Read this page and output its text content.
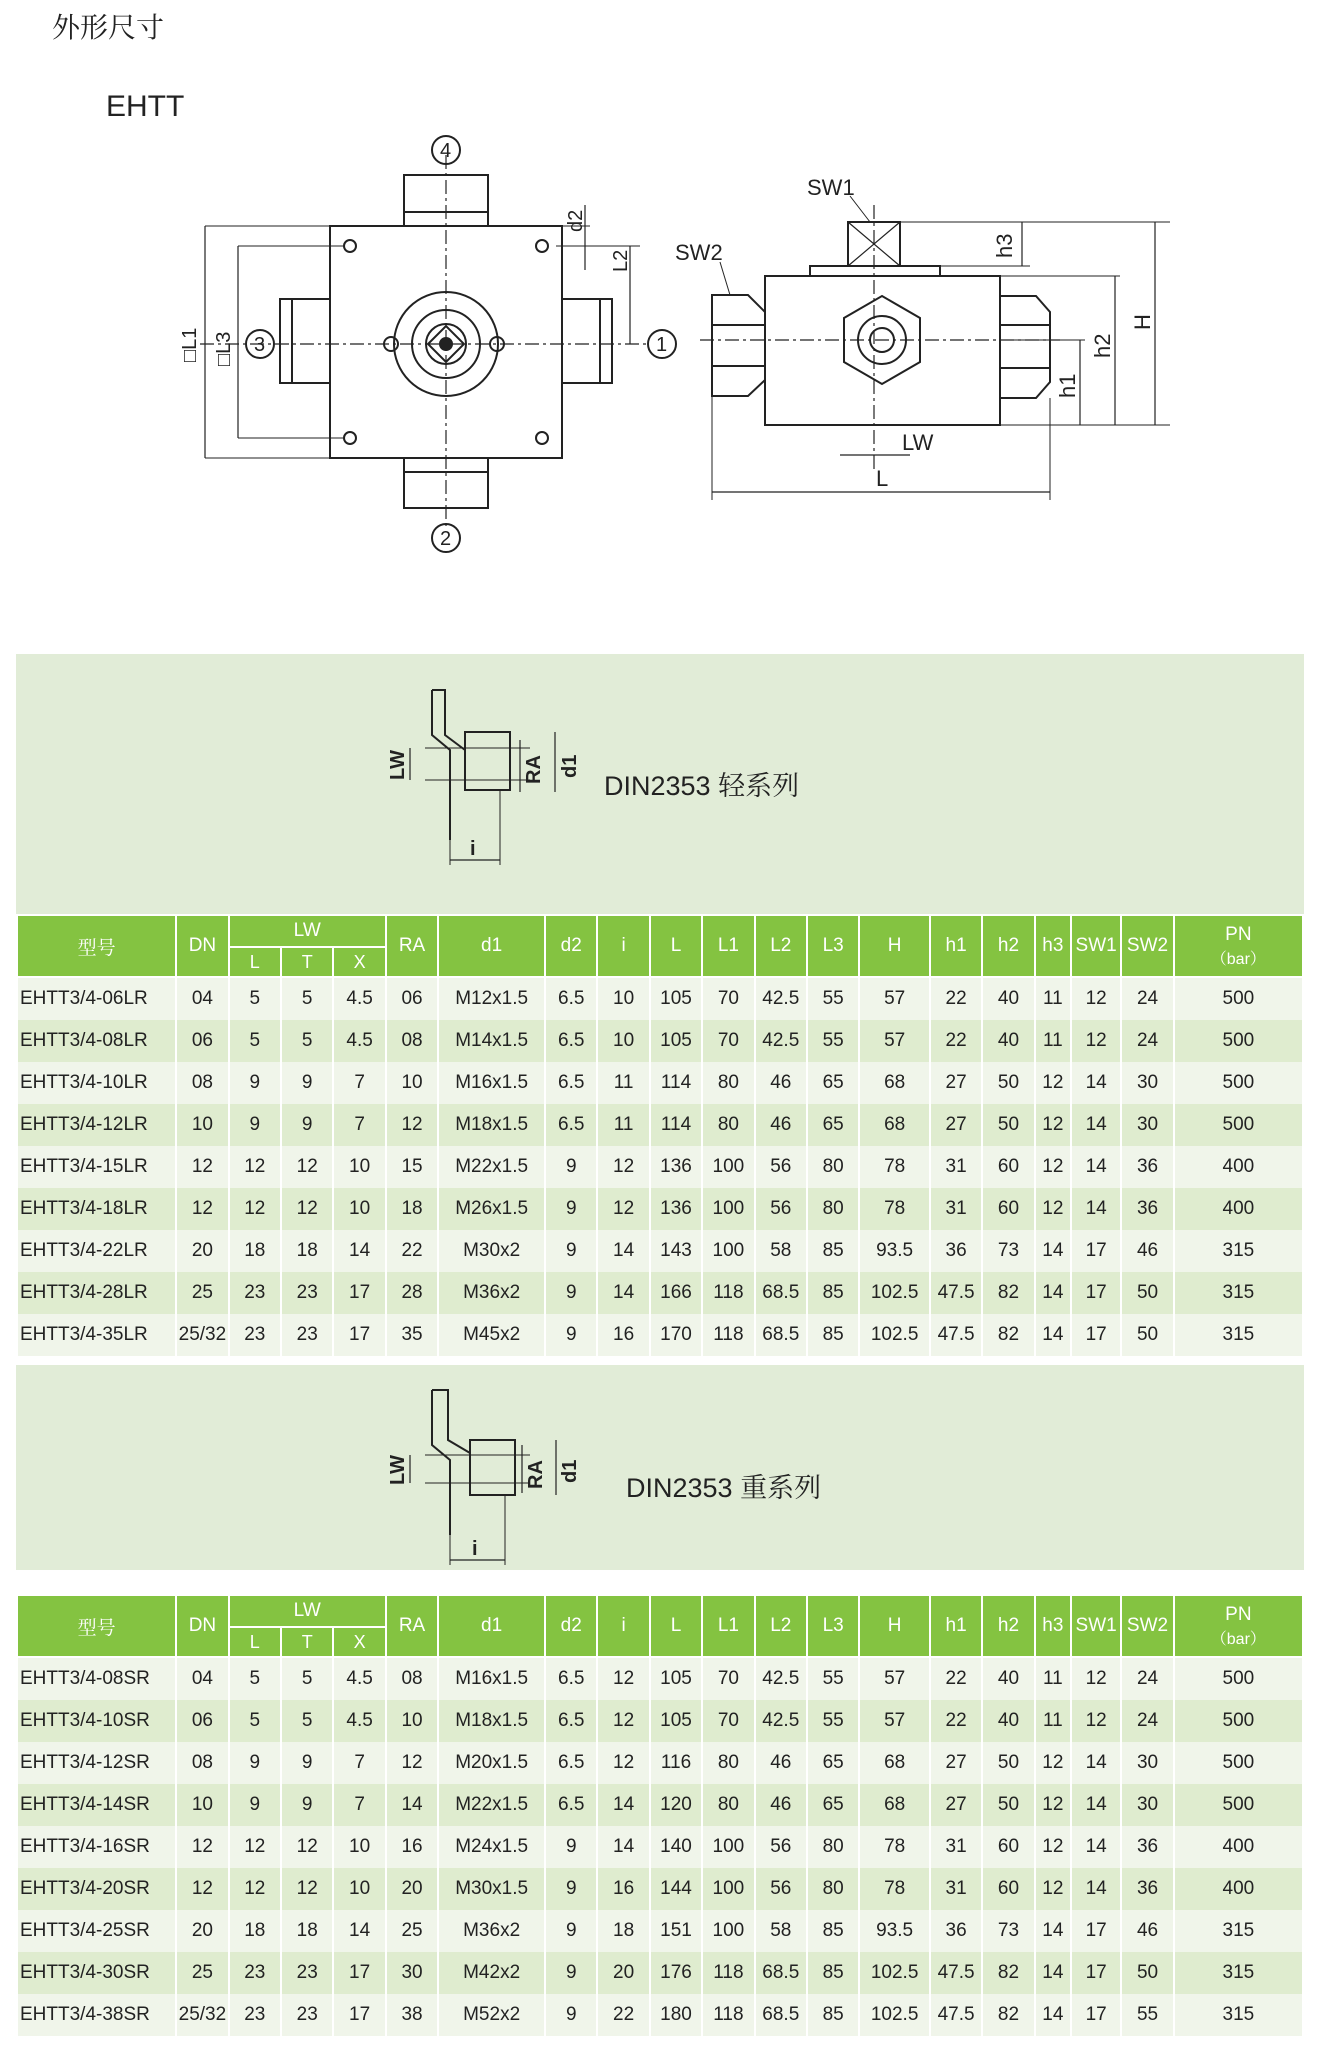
外形尺寸
EHTT
4
2
3	1
□L1 □L3
d2
L2
SW1
SW2	h3
H
h2
h1
LW
L
LW	RA d1
i
DIN2353 轻系列
型号	DN	LW			RA	d1	d2	i	L	L1	L2	L3	H	h1	h2	h3	SW1	SW2	PN
（bar）

		L	T	X															
EHTT3/4-06LR	04	5	5	4.5	06	M12x1.5	6.5	10	105	70	42.5	55	57	22	40	11	12	24	500
EHTT3/4-08LR	06	5	5	4.5	08	M14x1.5	6.5	10	105	70	42.5	55	57	22	40	11	12	24	500
EHTT3/4-10LR	08	9	9	7	10	M16x1.5	6.5	11	114	80	46	65	68	27	50	12	14	30	500
EHTT3/4-12LR	10	9	9	7	12	M18x1.5	6.5	11	114	80	46	65	68	27	50	12	14	30	500
EHTT3/4-15LR	12	12	12	10	15	M22x1.5	9	12	136	100	56	80	78	31	60	12	14	36	400
EHTT3/4-18LR	12	12	12	10	18	M26x1.5	9	12	136	100	56	80	78	31	60	12	14	36	400
EHTT3/4-22LR	20	18	18	14	22	M30x2	9	14	143	100	58	85	93.5	36	73	14	17	46	315
EHTT3/4-28LR	25	23	23	17	28	M36x2	9	14	166	118	68.5	85	102.5	47.5	82	14	17	50	315
EHTT3/4-35LR	25/32	23	23	17	35	M45x2	9	16	170	118	68.5	85	102.5	47.5	82	14	17	50	315
LW	RA d1
i
DIN2353 重系列
型号	DN	LW			RA	d1	d2	i	L	L1	L2	L3	H	h1	h2	h3	SW1	SW2	PN
（bar）

		L	T	X															
EHTT3/4-08SR	04	5	5	4.5	08	M16x1.5	6.5	12	105	70	42.5	55	57	22	40	11	12	24	500
EHTT3/4-10SR	06	5	5	4.5	10	M18x1.5	6.5	12	105	70	42.5	55	57	22	40	11	12	24	500
EHTT3/4-12SR	08	9	9	7	12	M20x1.5	6.5	12	116	80	46	65	68	27	50	12	14	30	500
EHTT3/4-14SR	10	9	9	7	14	M22x1.5	6.5	14	120	80	46	65	68	27	50	12	14	30	500
EHTT3/4-16SR	12	12	12	10	16	M24x1.5	9	14	140	100	56	80	78	31	60	12	14	36	400
EHTT3/4-20SR	12	12	12	10	20	M30x1.5	9	16	144	100	56	80	78	31	60	12	14	36	400
EHTT3/4-25SR	20	18	18	14	25	M36x2	9	18	151	100	58	85	93.5	36	73	14	17	46	315
EHTT3/4-30SR	25	23	23	17	30	M42x2	9	20	176	118	68.5	85	102.5	47.5	82	14	17	50	315
EHTT3/4-38SR	25/32	23	23	17	38	M52x2	9	22	180	118	68.5	85	102.5	47.5	82	14	17	55	315
